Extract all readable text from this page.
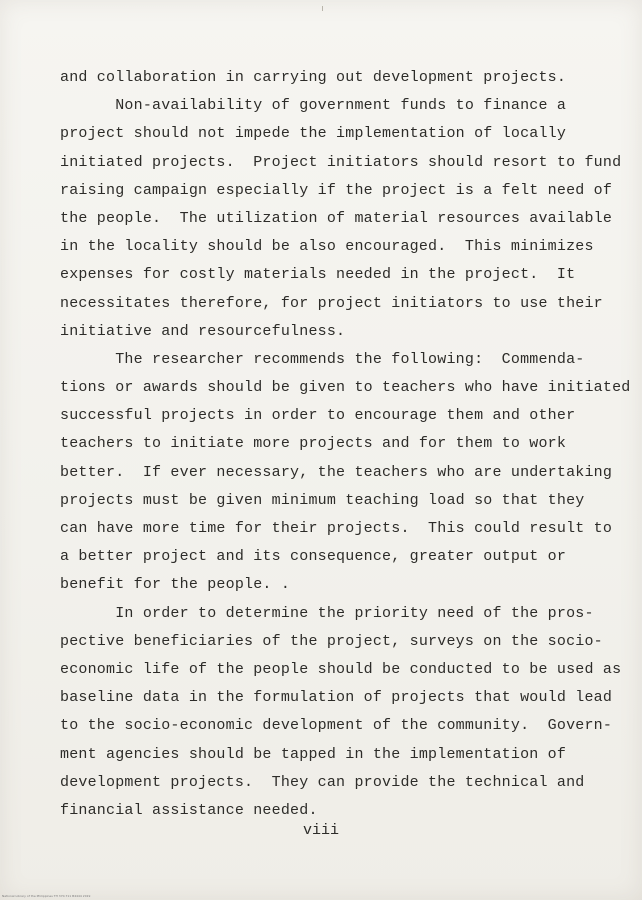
and collaboration in carrying out development projects.
Non-availability of government funds to finance a
project should not impede the implementation of locally
initiated projects.  Project initiators should resort to fund
raising campaign especially if the project is a felt need of
the people.  The utilization of material resources available
in the locality should be also encouraged.  This minimizes
expenses for costly materials needed in the project.  It
necessitates therefore, for project initiators to use their
initiative and resourcefulness.
The researcher recommends the following:  Commenda-
tions or awards should be given to teachers who have initiated
successful projects in order to encourage them and other
teachers to initiate more projects and for them to work
better.  If ever necessary, the teachers who are undertaking
projects must be given minimum teaching load so that they
can have more time for their projects.  This could result to
a better project and its consequence, greater output or
benefit for the people. .
In order to determine the priority need of the pros-
pective beneficiaries of the project, surveys on the socio-
economic life of the people should be conducted to be used as
baseline data in the formulation of projects that would lead
to the socio-economic development of the community.  Govern-
ment agencies should be tapped in the implementation of
development projects.  They can provide the technical and
financial assistance needed.
viii
National Library of the Philippines TH 370.711 B4444 2019
